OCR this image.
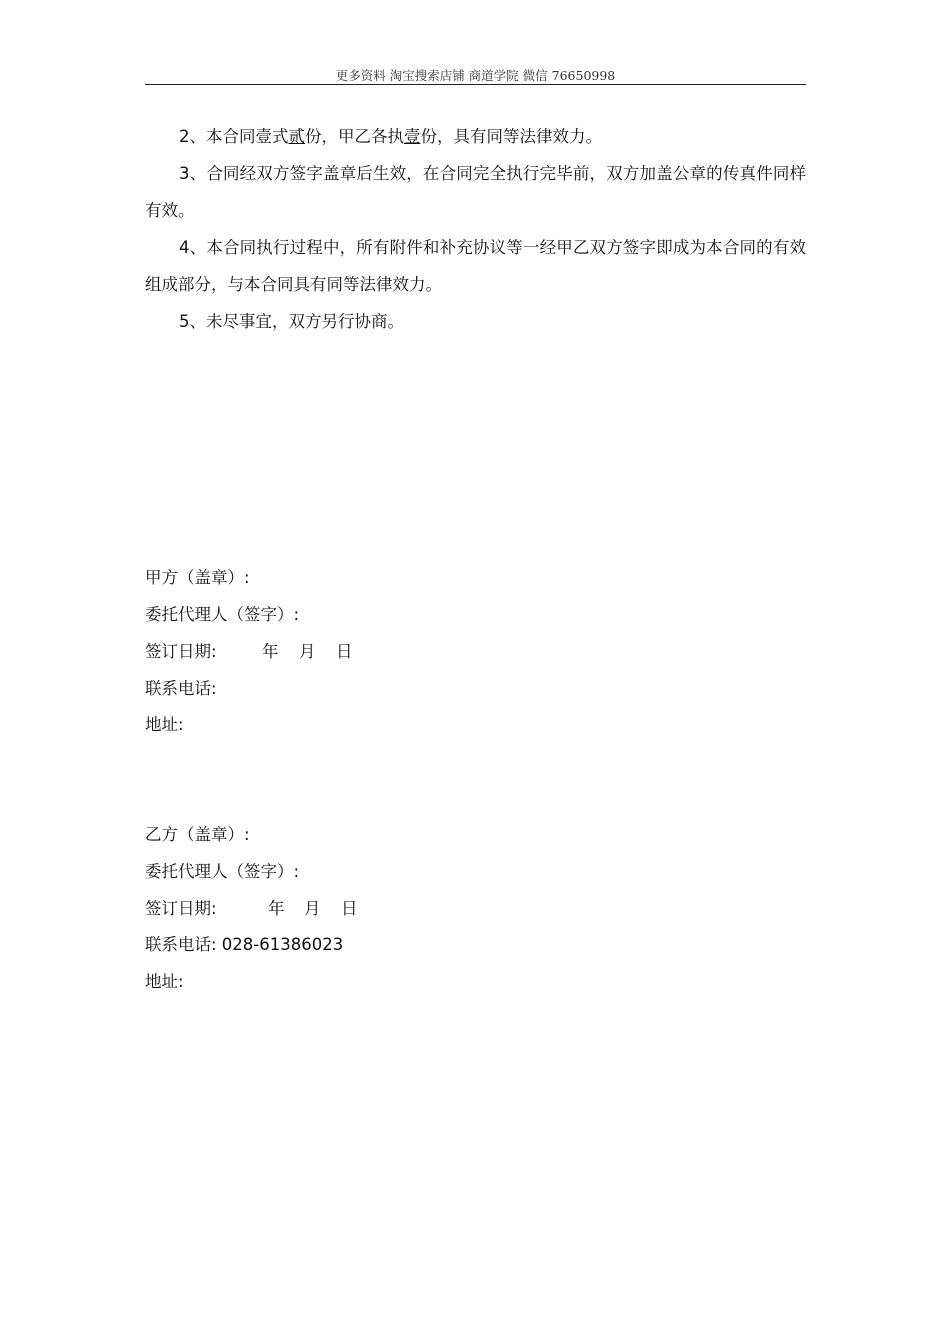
更多资料 淘宝搜索店铺 商道学院 微信 76650998

2、本合同壹式贰份，甲乙各执壹份，具有同等法律效力。

3、合同经双方签字盖章后生效，在合同完全执行完毕前，双方加盖公章的传真件同样有效。

4、本合同执行过程中，所有附件和补充协议等一经甲乙双方签字即成为本合同的有效组成部分，与本合同具有同等法律效力。

5、未尽事宜，双方另行协商。

甲方（盖章）:
委托代理人（签字）:
签订日期:	年 月 日
联系电话:
地址:
乙方（盖章）:
委托代理人（签字）:
签订日期:	年 月 日
联系电话: 028-61386023
地址:
